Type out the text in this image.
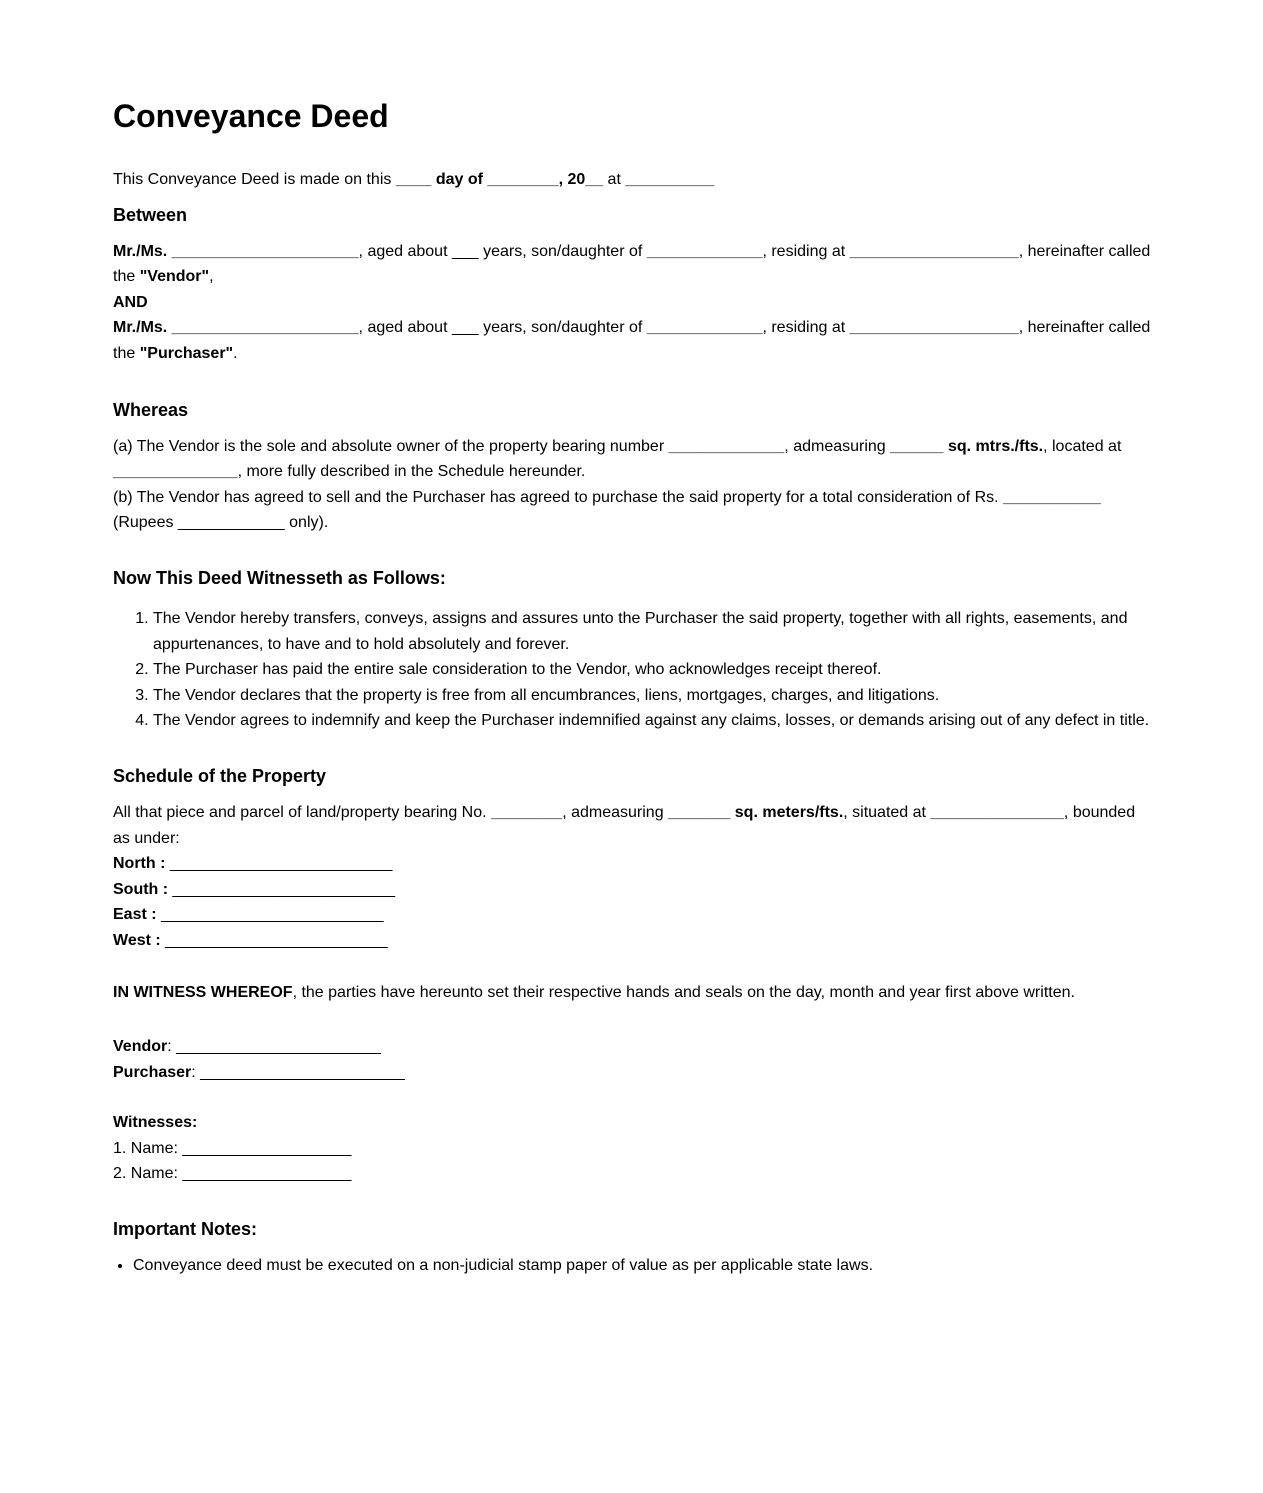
Conveyance Deed

This Conveyance Deed is made on this ____ day of ________, 20__ at __________

Between

Mr./Ms. _____________________, aged about ___ years, son/daughter of _____________, residing at ___________________, hereinafter called the "Vendor",

AND

Mr./Ms. _____________________, aged about ___ years, son/daughter of _____________, residing at ___________________, hereinafter called the "Purchaser".

Whereas

(a) The Vendor is the sole and absolute owner of the property bearing number _____________, admeasuring ______ sq. mtrs./fts., located at ______________, more fully described in the Schedule hereunder.

(b) The Vendor has agreed to sell and the Purchaser has agreed to purchase the said property for a total consideration of Rs. ___________ (Rupees ____________ only).

Now This Deed Witnesseth as Follows:
1. The Vendor hereby transfers, conveys, assigns and assures unto the Purchaser the said property, together with all rights, easements, and appurtenances, to have and to hold absolutely and forever.
2. The Purchaser has paid the entire sale consideration to the Vendor, who acknowledges receipt thereof.
3. The Vendor declares that the property is free from all encumbrances, liens, mortgages, charges, and litigations.
4. The Vendor agrees to indemnify and keep the Purchaser indemnified against any claims, losses, or demands arising out of any defect in title.
Schedule of the Property

All that piece and parcel of land/property bearing No. ________, admeasuring _______ sq. meters/fts., situated at _______________, bounded as under:

North : _________________________

South : _________________________

East : _________________________

West : _________________________

IN WITNESS WHEREOF, the parties have hereunto set their respective hands and seals on the day, month and year first above written.

Vendor: _______________________

Purchaser: _______________________

Witnesses:

1. Name: ___________________

2. Name: ___________________

Important Notes:
• Conveyance deed must be executed on a non-judicial stamp paper of value as per applicable state laws.
